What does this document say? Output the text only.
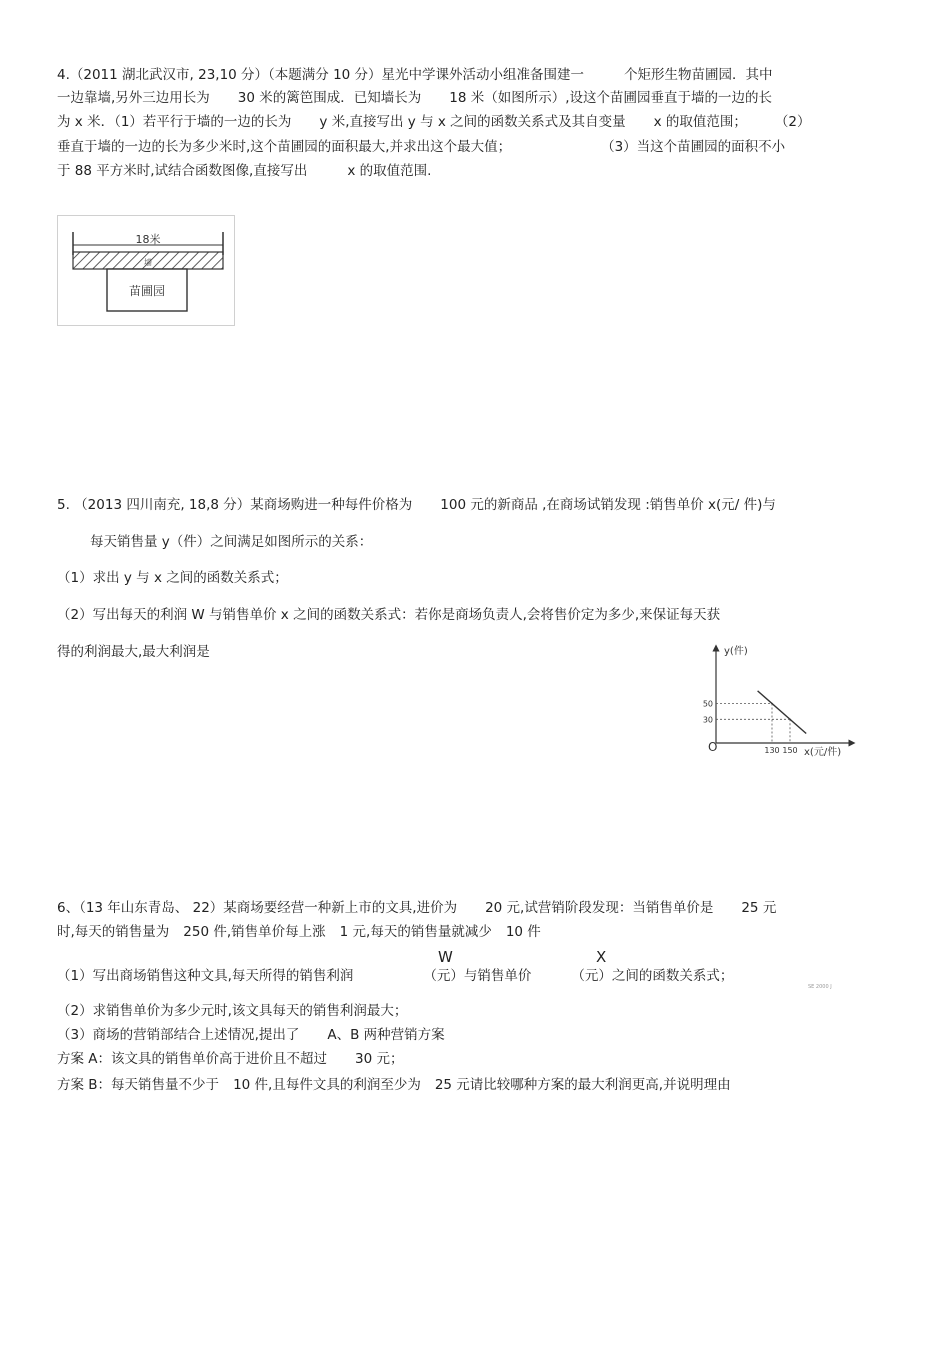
4.（2011 湖北武汉市, 23,10 分）（本题满分 10 分）星光中学课外活动小组准备围建一	个矩形生物苗圃园．其中
一边靠墙,另外三边用长为 30 米的篱笆围成．已知墙长为 18 米（如图所示）,设这个苗圃园垂直于墙的一边的长
为 x 米．（1）若平行于墙的一边的长为 y 米,直接写出 y 与 x 之间的函数关系式及其自变量 x 的取值范围； （2）
垂直于墙的一边的长为多少米时,这个苗圃园的面积最大,并求出这个最大值；	（3）当这个苗圃园的面积不小
于 88 平方米时,试结合函数图像,直接写出	x 的取值范围.
18米
墙
苗圃园
5. （2013 四川南充, 18,8 分）某商场购进一种每件价格为 100 元的新商品 ,在商场试销发现 :销售单价 x(元/ 件)与
每天销售量 y（件）之间满足如图所示的关系：
（1）求出 y 与 x 之间的函数关系式；
（2）写出每天的利润 W 与销售单价 x 之间的函数关系式：若你是商场负责人,会将售价定为多少,来保证每天获
得的利润最大,最大利润是	y(件)
x(元/件)
O
50
30
130 150
6、（13 年山东青岛、 22）某商场要经营一种新上市的文具,进价为 20 元,试营销阶段发现：当销售单价是 25 元
时,每天的销售量为 250 件,销售单价每上涨 1 元,每天的销售量就减少 10 件
W	X
（1）写出商场销售这种文具,每天所得的销售利润	（元）与销售单价	（元）之间的函数关系式；
SE 2000 J
（2）求销售单价为多少元时,该文具每天的销售利润最大；
（3）商场的营销部结合上述情况,提出了 A、B 两种营销方案
方案 A：该文具的销售单价高于进价且不超过 30 元；
方案 B：每天销售量不少于 10 件,且每件文具的利润至少为 25 元请比较哪种方案的最大利润更高,并说明理由
